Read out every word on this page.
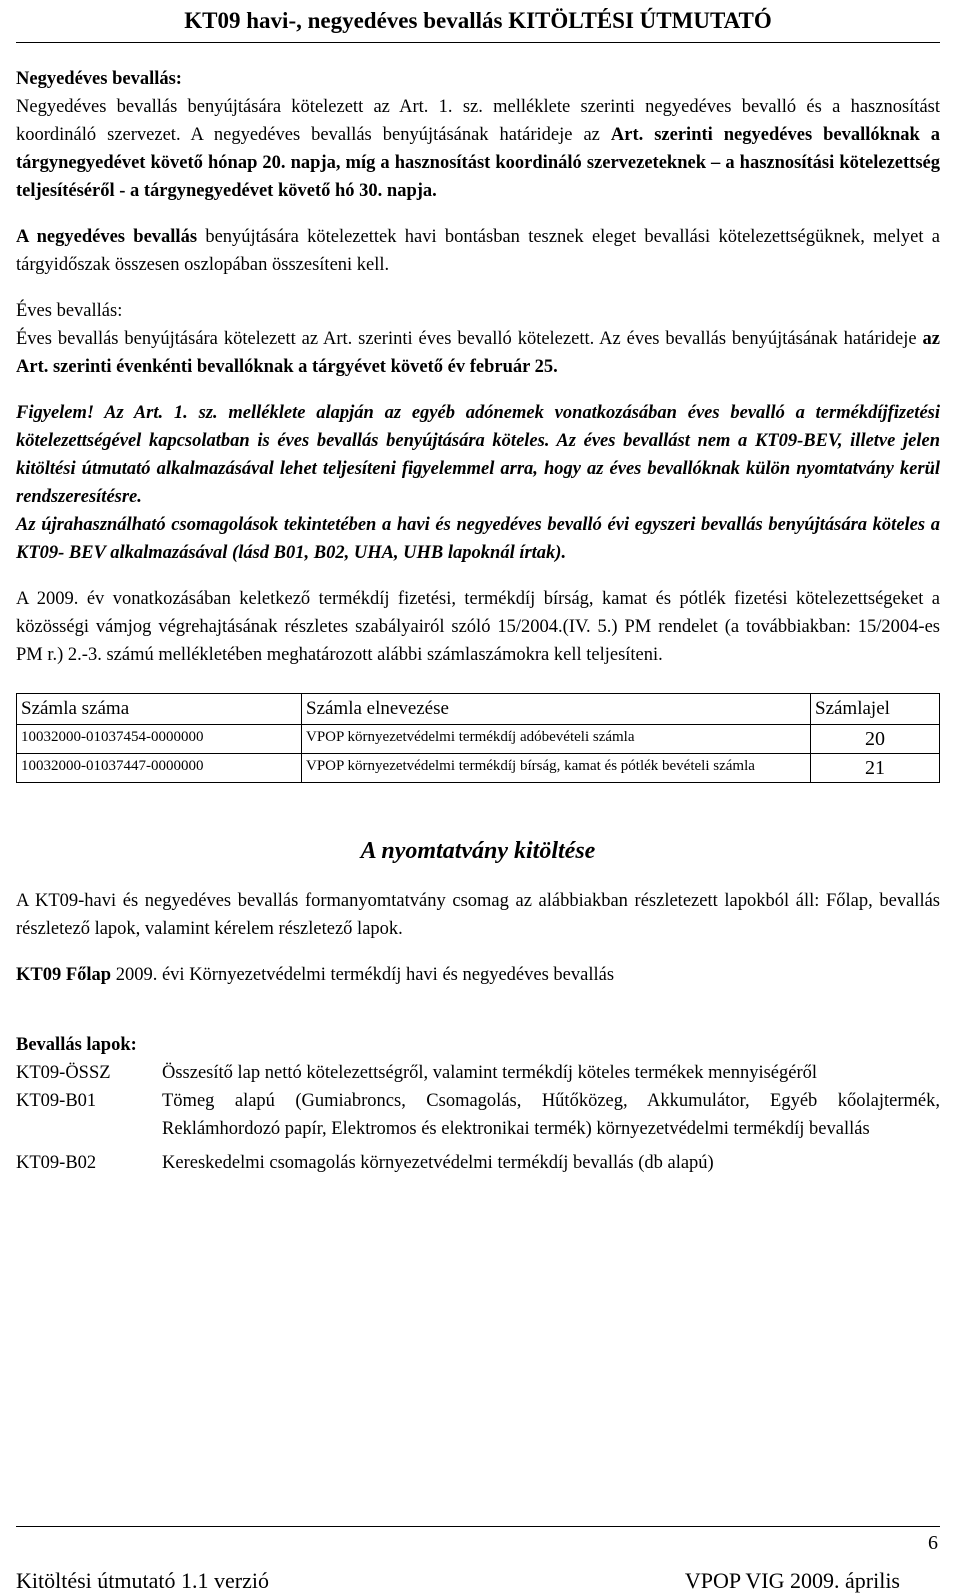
KT09 havi-, negyedéves bevallás KITÖLTÉSI ÚTMUTATÓ
Negyedéves bevallás:

Negyedéves bevallás benyújtására kötelezett az Art. 1. sz. melléklete szerinti negyedéves bevalló és a hasznosítást koordináló szervezet. A negyedéves bevallás benyújtásának határideje az Art. szerinti negyedéves bevallóknak a tárgynegyedévet követő hónap 20. napja, míg a hasznosítást koordináló szervezeteknek – a hasznosítási kötelezettség teljesítéséről - a tárgynegyedévet követő hó 30. napja.

A negyedéves bevallás benyújtására kötelezettek havi bontásban tesznek eleget bevallási kötelezettségüknek, melyet a tárgyidőszak összesen oszlopában összesíteni kell.

Éves bevallás:

Éves bevallás benyújtására kötelezett az Art. szerinti éves bevalló kötelezett. Az éves bevallás benyújtásának határideje az Art. szerinti évenkénti bevallóknak a tárgyévet követő év február 25.

Figyelem! Az Art. 1. sz. melléklete alapján az egyéb adónemek vonatkozásában éves bevalló a termékdíjfizetési kötelezettségével kapcsolatban is éves bevallás benyújtására köteles. Az éves bevallást nem a KT09-BEV, illetve jelen kitöltési útmutató alkalmazásával lehet teljesíteni figyelemmel arra, hogy az éves bevallóknak külön nyomtatvány kerül rendszeresítésre.

Az újrahasználható csomagolások tekintetében a havi és negyedéves bevalló évi egyszeri bevallás benyújtására köteles a KT09- BEV alkalmazásával (lásd B01, B02, UHA, UHB lapoknál írtak).

A 2009. év vonatkozásában keletkező termékdíj fizetési, termékdíj bírság, kamat és pótlék fizetési kötelezettségeket a közösségi vámjog végrehajtásának részletes szabályairól szóló 15/2004.(IV. 5.) PM rendelet (a továbbiakban: 15/2004-es PM r.) 2.-3. számú mellékletében meghatározott alábbi számlaszámokra kell teljesíteni.

Számla száma	Számla elnevezése	Számlajel
10032000-01037454-0000000	VPOP környezetvédelmi termékdíj adóbevételi számla	20
10032000-01037447-0000000	VPOP környezetvédelmi termékdíj bírság, kamat és pótlék bevételi számla	21
A nyomtatvány kitöltése

A KT09-havi és negyedéves bevallás formanyomtatvány csomag az alábbiakban részletezett lapokból áll: Főlap, bevallás részletező lapok, valamint kérelem részletező lapok.

KT09 Főlap 2009. évi Környezetvédelmi termékdíj havi és negyedéves bevallás

Bevallás lapok:
KT09-ÖSSZ	Összesítő lap nettó kötelezettségről, valamint termékdíj köteles termékek mennyiségéről
KT09-B01	Tömeg alapú (Gumiabroncs, Csomagolás, Hűtőközeg, Akkumulátor, Egyéb kőolajtermék, Reklámhordozó papír, Elektromos és elektronikai termék) környezetvédelmi termékdíj bevallás
KT09-B02	Kereskedelmi csomagolás környezetvédelmi termékdíj bevallás (db alapú)
6
Kitöltési útmutató 1.1 verzió	VPOP VIG 2009. április
